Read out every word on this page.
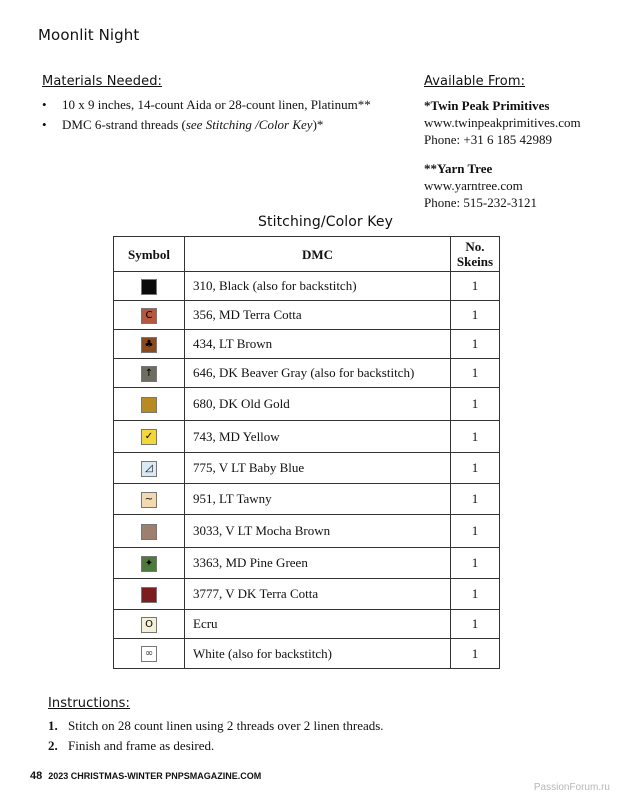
Moonlit Night
Materials Needed:
• 10 x 9 inches, 14-count Aida or 28-count linen, Platinum**
• DMC 6-strand threads (see Stitching /Color Key)*
Available From:
*Twin Peak Primitives
www.twinpeakprimitives.com
Phone: +31 6 185 42989
**Yarn Tree
www.yarntree.com
Phone: 515-232-3121
Stitching/Color Key
Symbol	DMC	No.
Skeins
	310, Black (also for backstitch)	1
C	356, MD Terra Cotta	1
♣	434, LT Brown	1
↑	646, DK Beaver Gray (also for backstitch)	1
	680, DK Old Gold	1
✓	743, MD Yellow	1
◿	775, V LT Baby Blue	1
~	951, LT Tawny	1
	3033, V LT Mocha Brown	1
✦	3363, MD Pine Green	1
	3777, V DK Terra Cotta	1
O	Ecru	1
∞	White (also for backstitch)	1
Instructions:
1. Stitch on 28 count linen using 2 threads over 2 linen threads.
2. Finish and frame as desired.
48 2023 CHRISTMAS-WINTER PNPSMAGAZINE.COM
PassionForum.ru
